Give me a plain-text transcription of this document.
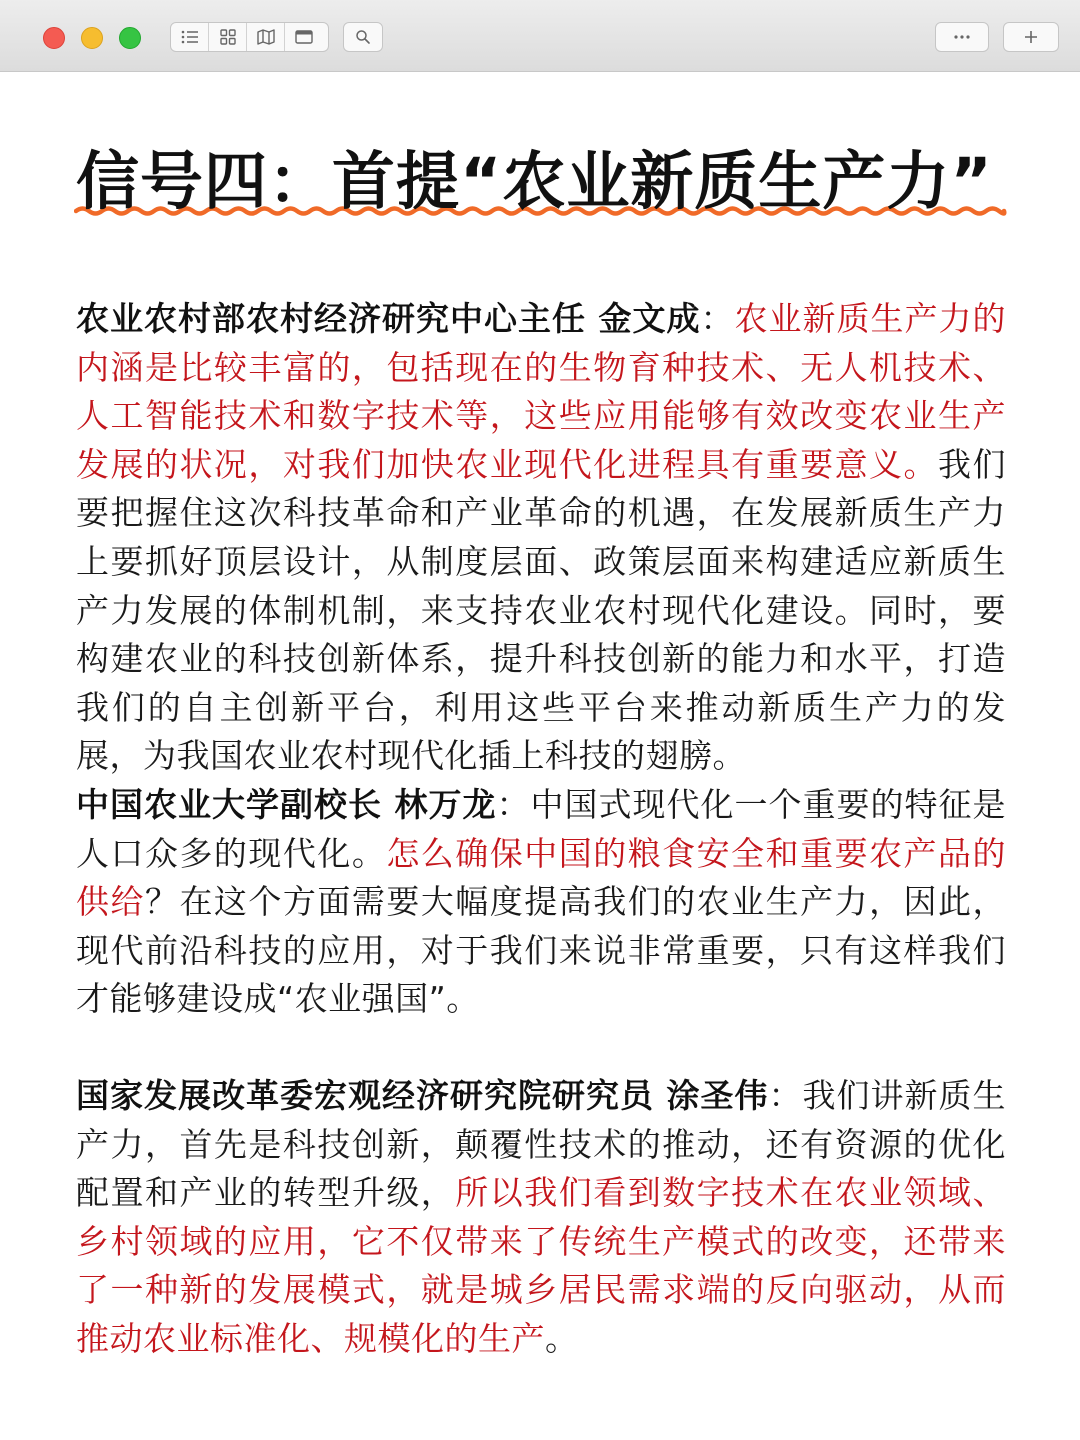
信号四：首提“农业新质生产力”

农业农村部农村经济研究中心主任 金文成：农业新质生产力的内涵是比较丰富的，包括现在的生物育种技术、无人机技术、人工智能技术和数字技术等，这些应用能够有效改变农业生产发展的状况，对我们加快农业现代化进程具有重要意义。我们要把握住这次科技革命和产业革命的机遇，在发展新质生产力上要抓好顶层设计，从制度层面、政策层面来构建适应新质生产力发展的体制机制，来支持农业农村现代化建设。同时，要构建农业的科技创新体系，提升科技创新的能力和水平，打造我们的自主创新平台，利用这些平台来推动新质生产力的发展，为我国农业农村现代化插上科技的翅膀。

中国农业大学副校长 林万龙：中国式现代化一个重要的特征是人口众多的现代化。怎么确保中国的粮食安全和重要农产品的供给？在这个方面需要大幅度提高我们的农业生产力，因此，现代前沿科技的应用，对于我们来说非常重要，只有这样我们才能够建设成“农业强国”。

国家发展改革委宏观经济研究院研究员 涂圣伟：我们讲新质生产力，首先是科技创新，颠覆性技术的推动，还有资源的优化配置和产业的转型升级，所以我们看到数字技术在农业领域、乡村领域的应用，它不仅带来了传统生产模式的改变，还带来了一种新的发展模式，就是城乡居民需求端的反向驱动，从而推动农业标准化、规模化的生产。
